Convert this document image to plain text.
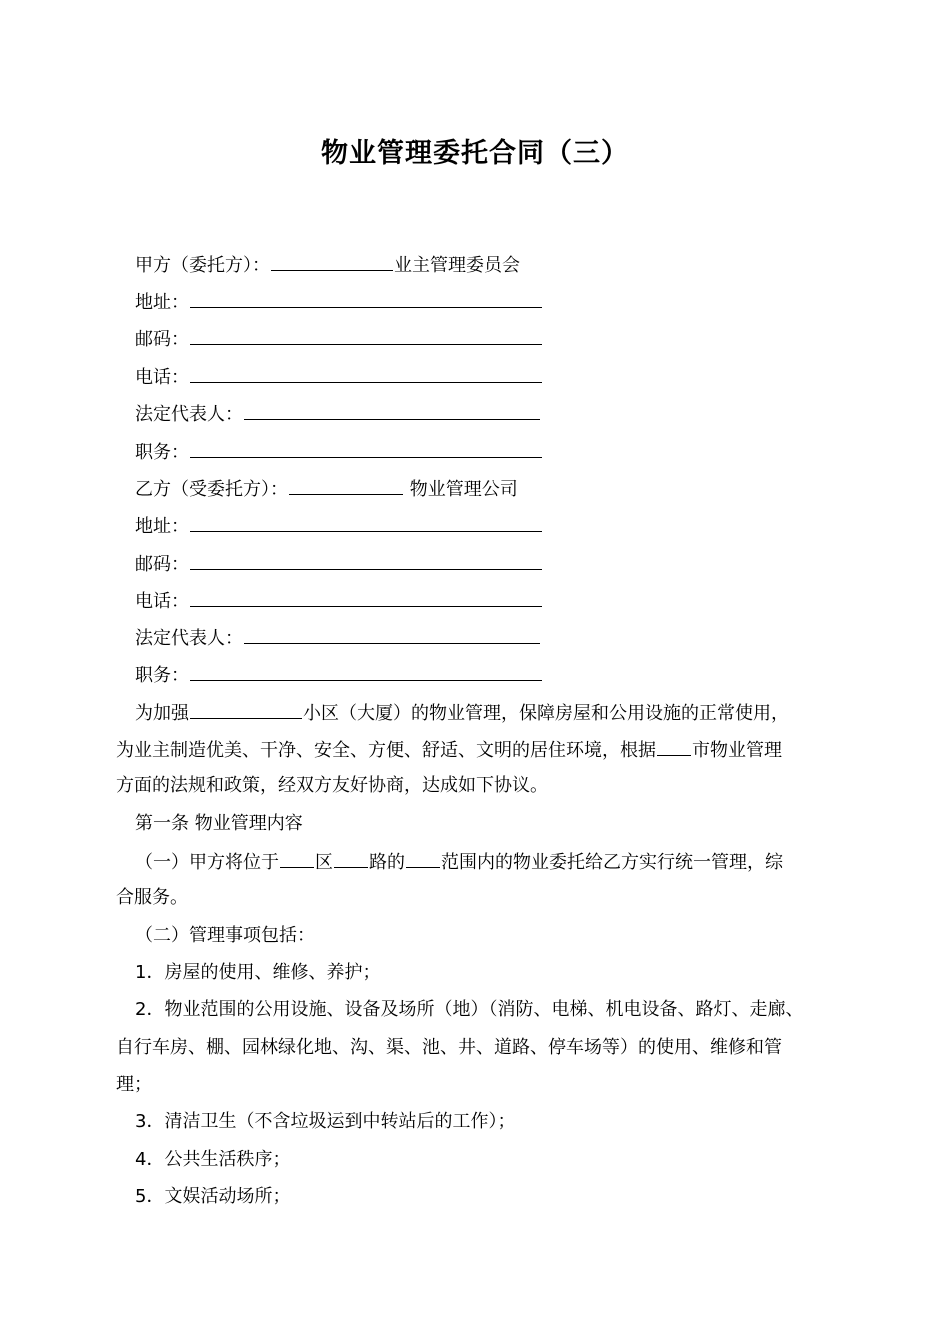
物业管理委托合同（三）
甲方（委托方）：	业主管理委员会
地址：
邮码：
电话：
法定代表人：
职务：
乙方（受委托方）：	物业管理公司
地址：
邮码：
电话：
法定代表人：
职务：
为加强	小区（大厦）的物业管理，保障房屋和公用设施的正常使用，
为业主制造优美、干净、安全、方便、舒适、文明的居住环境，根据 市物业管理
方面的法规和政策，经双方友好协商，达成如下协议。
第一条 物业管理内容
（一）甲方将位于 区 路的 范围内的物业委托给乙方实行统一管理，综
合服务。
（二）管理事项包括：
1．房屋的使用、维修、养护；
2．物业范围的公用设施、设备及场所（地）（消防、电梯、机电设备、路灯、走廊、
自行车房、棚、园林绿化地、沟、渠、池、井、道路、停车场等）的使用、维修和管
理；
3．清洁卫生（不含垃圾运到中转站后的工作）；
4．公共生活秩序；
5．文娱活动场所；
